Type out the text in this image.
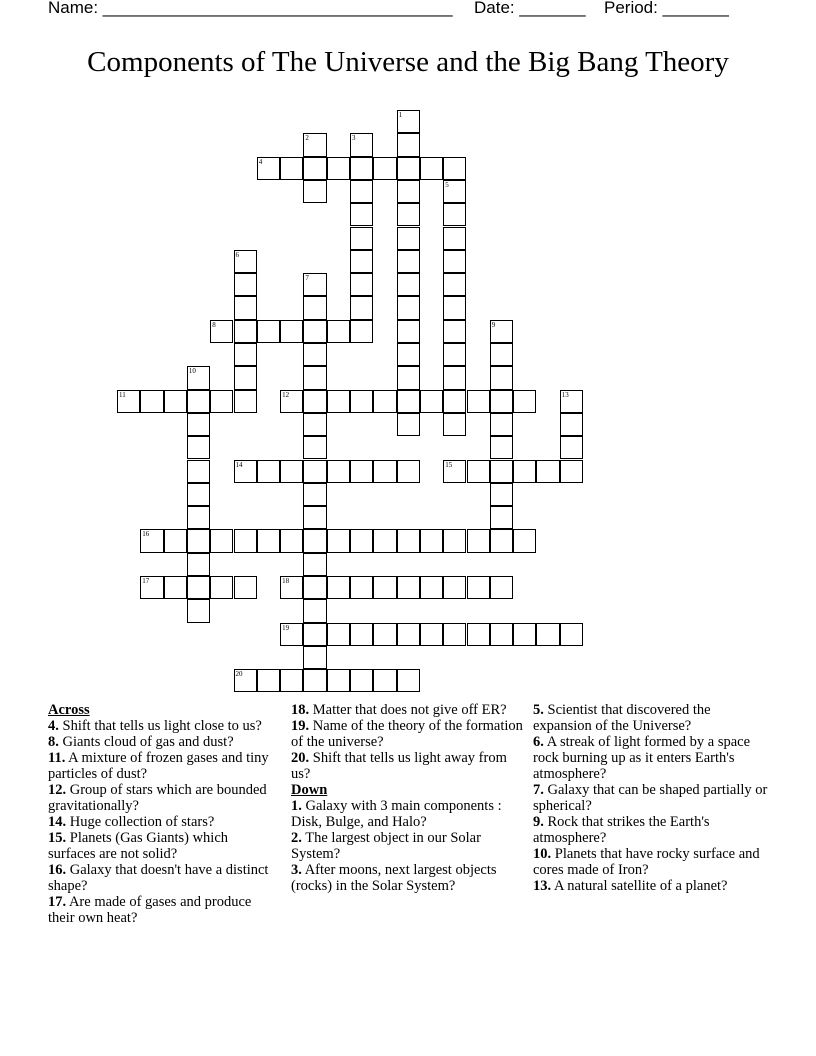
Name: _____________________________________ Date: _______ Period: _______
Components of The Universe and the Big Bang Theory
1
2	3
4
5
6
7
8	9
10
11	12	13
14	15
16
17	18
19
20
Across
4. Shift that tells us light close to us?
8. Giants cloud of gas and dust?
11. A mixture of frozen gases and tiny particles of dust?
12. Group of stars which are bounded gravitationally?
14. Huge collection of stars?
15. Planets (Gas Giants) which surfaces are not solid?
16. Galaxy that doesn't have a distinct shape?
17. Are made of gases and produce their own heat?
18. Matter that does not give off ER?
19. Name of the theory of the formation of the universe?
20. Shift that tells us light away from us?
Down
1. Galaxy with 3 main components : Disk, Bulge, and Halo?
2. The largest object in our Solar System?
3. After moons, next largest objects (rocks) in the Solar System?
5. Scientist that discovered the expansion of the Universe?
6. A streak of light formed by a space rock burning up as it enters Earth's atmosphere?
7. Galaxy that can be shaped partially or spherical?
9. Rock that strikes the Earth's atmosphere?
10. Planets that have rocky surface and cores made of Iron?
13. A natural satellite of a planet?
